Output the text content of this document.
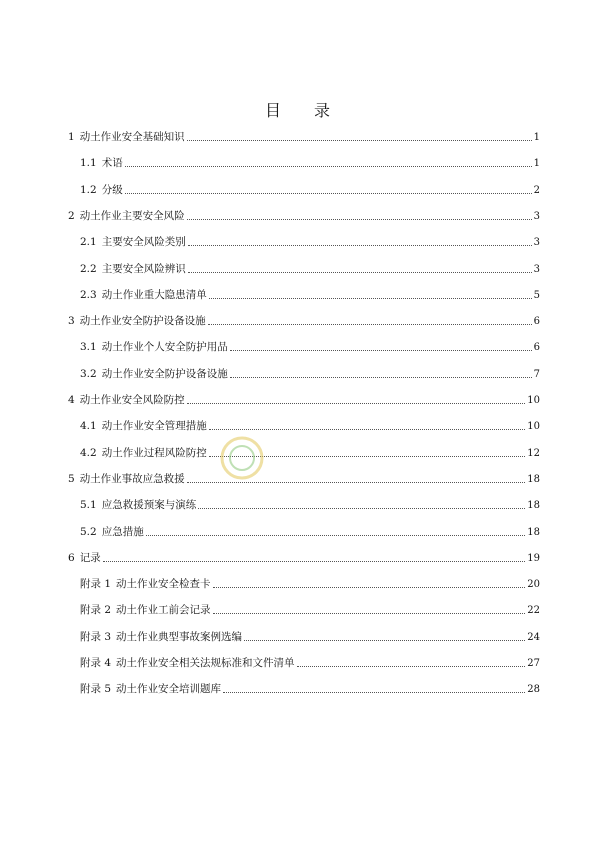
目 录
1 动土作业安全基础知识	1
1.1 术语	1
1.2 分级	2
2 动土作业主要安全风险	3
2.1 主要安全风险类别	3
2.2 主要安全风险辨识	3
2.3 动土作业重大隐患清单	5
3 动土作业安全防护设备设施	6
3.1 动土作业个人安全防护用品	6
3.2 动土作业安全防护设备设施	7
4 动土作业安全风险防控	10
4.1 动土作业安全管理措施	10
4.2 动土作业过程风险防控	12
5 动土作业事故应急救援	18
5.1 应急救援预案与演练	18
5.2 应急措施	18
6 记录	19
附录 1 动土作业安全检查卡	20
附录 2 动土作业工前会记录	22
附录 3 动土作业典型事故案例选编	24
附录 4 动土作业安全相关法规标准和文件清单	27
附录 5 动土作业安全培训题库	28
